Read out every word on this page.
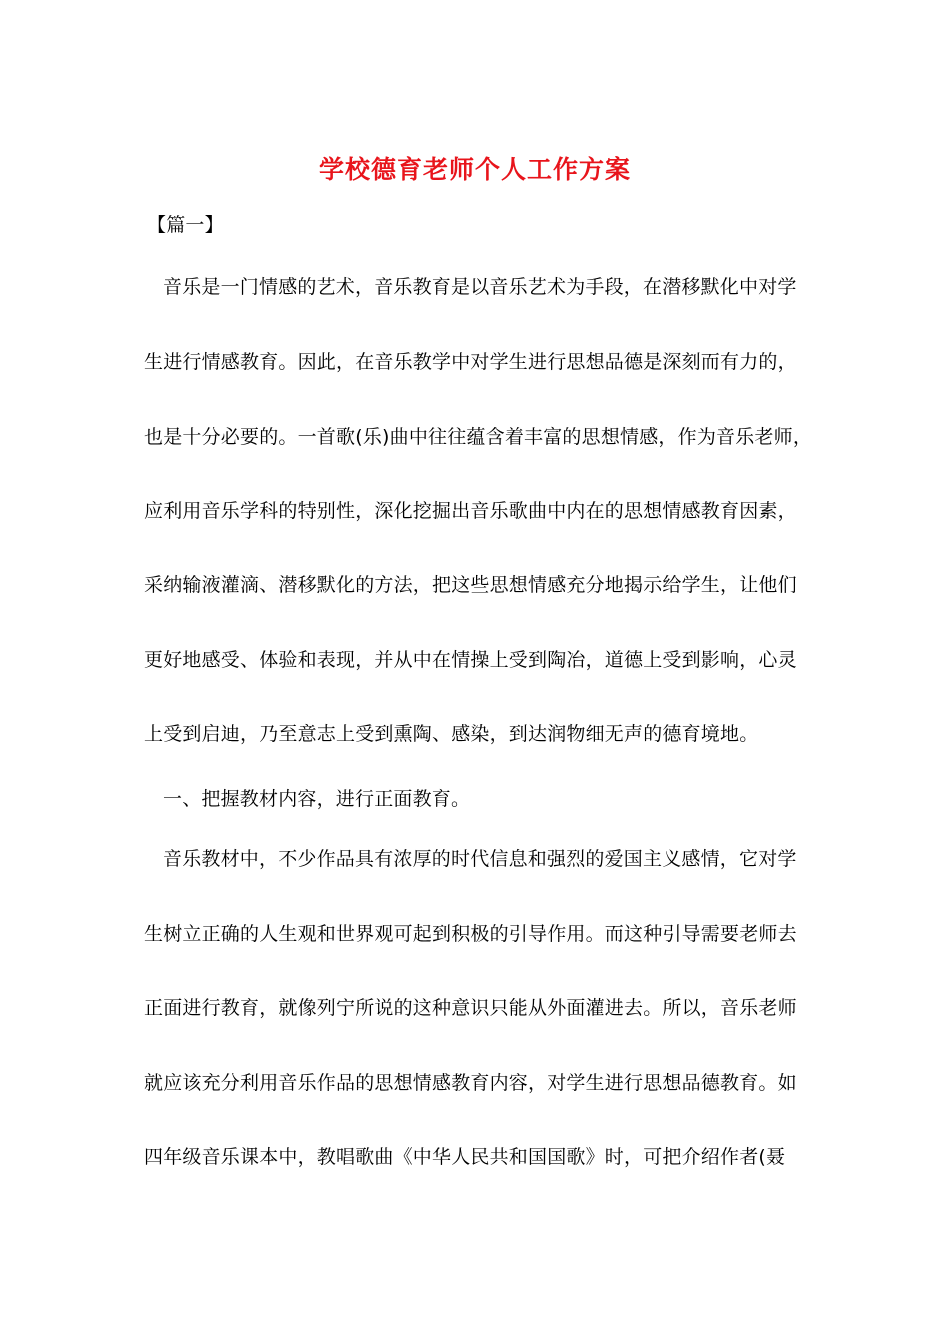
学校德育老师个人工作方案
【篇一】
音乐是一门情感的艺术，音乐教育是以音乐艺术为手段，在潜移默化中对学
生进行情感教育。因此，在音乐教学中对学生进行思想品德是深刻而有力的，
也是十分必要的。一首歌(乐)曲中往往蕴含着丰富的思想情感，作为音乐老师，
应利用音乐学科的特别性，深化挖掘出音乐歌曲中内在的思想情感教育因素，
采纳输液灌滴、潜移默化的方法，把这些思想情感充分地揭示给学生，让他们
更好地感受、体验和表现，并从中在情操上受到陶冶，道德上受到影响，心灵
上受到启迪，乃至意志上受到熏陶、感染，到达润物细无声的德育境地。
一、把握教材内容，进行正面教育。
音乐教材中，不少作品具有浓厚的时代信息和强烈的爱国主义感情，它对学
生树立正确的人生观和世界观可起到积极的引导作用。而这种引导需要老师去
正面进行教育，就像列宁所说的这种意识只能从外面灌进去。所以，音乐老师
就应该充分利用音乐作品的思想情感教育内容，对学生进行思想品德教育。如
四年级音乐课本中，教唱歌曲《中华人民共和国国歌》时，可把介绍作者(聂
